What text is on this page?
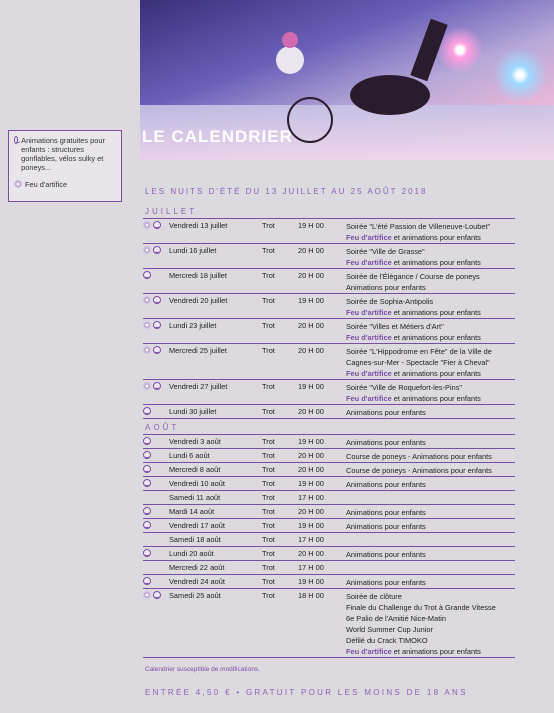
LE CALENDRIER
Animations gratuites pour enfants : structures gonflables, vélos sulky et poneys...
Feu d'artifice
LES NUITS D'ÉTÉ DU 13 JUILLET AU 25 AOÛT 2018
JUILLET
Vendredi 13 juillet	Trot	19 H 00	Soirée "L'été Passion de Villeneuve-Loubet"
Feu d'artifice et animations pour enfants
Lundi 16 juillet	Trot	20 H 00	Soirée "Ville de Grasse"
Feu d'artifice et animations pour enfants
Mercredi 18 juillet	Trot	20 H 00	Soirée de l'Élégance / Course de poneys
Animations pour enfants
Vendredi 20 juillet	Trot	19 H 00	Soirée de Sophia-Antipolis
Feu d'artifice et animations pour enfants
Lundi 23 juillet	Trot	20 H 00	Soirée "Villes et Métiers d'Art"
Feu d'artifice et animations pour enfants
Mercredi 25 juillet	Trot	20 H 00	Soirée "L'Hippodrome en Fête" de la Ville de
Cagnes-sur-Mer - Spectacle "Fier à Cheval"
Feu d'artifice et animations pour enfants
Vendredi 27 juillet	Trot	19 H 00	Soirée "Ville de Roquefort-les-Pins"
Feu d'artifice et animations pour enfants
Lundi 30 juillet	Trot	20 H 00	Animations pour enfants
AOÛT
Vendredi 3 août	Trot	19 H 00	Animations pour enfants
Lundi 6 août	Trot	20 H 00	Course de poneys - Animations pour enfants
Mercredi 8 août	Trot	20 H 00	Course de poneys - Animations pour enfants
Vendredi 10 août	Trot	19 H 00	Animations pour enfants
Samedi 11 août	Trot	17 H 00

Mardi 14 août	Trot	20 H 00	Animations pour enfants
Vendredi 17 août	Trot	19 H 00	Animations pour enfants
Samedi 18 août	Trot	17 H 00

Lundi 20 août	Trot	20 H 00	Animations pour enfants
Mercredi 22 août	Trot	17 H 00

Vendredi 24 août	Trot	19 H 00	Animations pour enfants
Samedi 25 août	Trot	18 H 00	Soirée de clôture
Finale du Challenge du Trot à Grande Vitesse
6e Palio de l'Amitié Nice-Matin
World Summer Cup Junior
Défilé du Crack TIMOKO
Feu d'artifice et animations pour enfants
Calendrier susceptible de modifications.
ENTRÉE 4,50 € • GRATUIT POUR LES MOINS DE 18 ANS
